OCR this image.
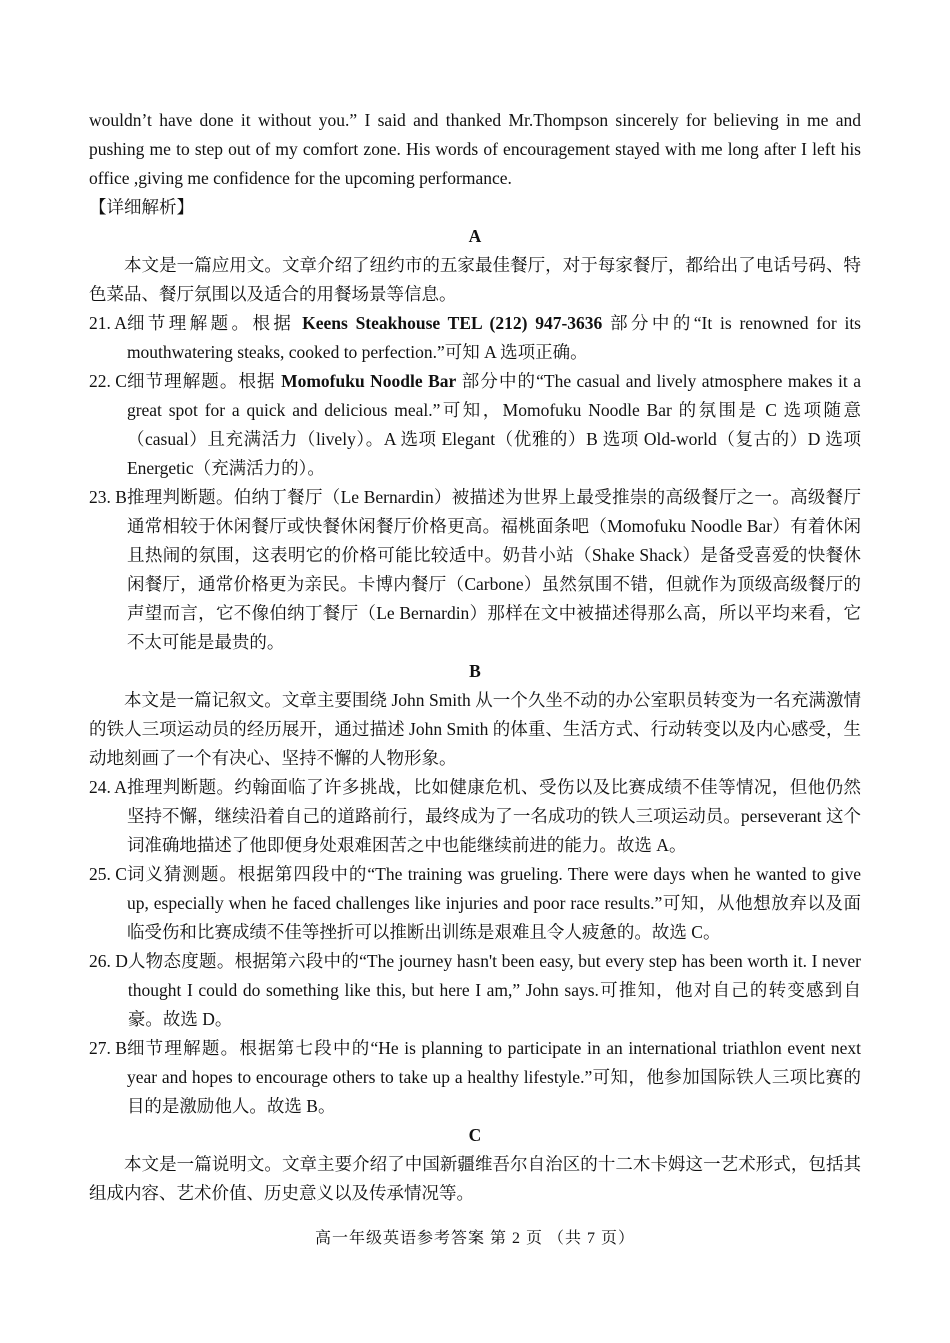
wouldn’t have done it without you.” I said and thanked Mr.Thompson sincerely for believing in me and pushing me to step out of my comfort zone. His words of encouragement stayed with me long after I left his office ,giving me confidence for the upcoming performance.

【详细解析】

A

本文是一篇应用文。文章介绍了纽约市的五家最佳餐厅，对于每家餐厅，都给出了电话号码、特色菜品、餐厅氛围以及适合的用餐场景等信息。

21. A 细节理解题。根据 Keens Steakhouse TEL (212) 947-3636 部分中的“It is renowned for its mouthwatering steaks, cooked to perfection.”可知 A 选项正确。

22. C 细节理解题。根据 Momofuku Noodle Bar 部分中的“The casual and lively atmosphere makes it a great spot for a quick and delicious meal.”可知，Momofuku Noodle Bar 的氛围是 C 选项随意（casual）且充满活力（lively）。A 选项 Elegant（优雅的）B 选项 Old-world（复古的）D 选项 Energetic（充满活力的）。

23. B 推理判断题。伯纳丁餐厅（Le Bernardin）被描述为世界上最受推崇的高级餐厅之一。高级餐厅通常相较于休闲餐厅或快餐休闲餐厅价格更高。福桃面条吧（Momofuku Noodle Bar）有着休闲且热闹的氛围，这表明它的价格可能比较适中。奶昔小站（Shake Shack）是备受喜爱的快餐休闲餐厅，通常价格更为亲民。卡博内餐厅（Carbone）虽然氛围不错，但就作为顶级高级餐厅的声望而言，它不像伯纳丁餐厅（Le Bernardin）那样在文中被描述得那么高，所以平均来看，它不太可能是最贵的。

B

本文是一篇记叙文。文章主要围绕 John Smith 从一个久坐不动的办公室职员转变为一名充满激情的铁人三项运动员的经历展开，通过描述 John Smith 的体重、生活方式、行动转变以及内心感受，生动地刻画了一个有决心、坚持不懈的人物形象。

24. A 推理判断题。约翰面临了许多挑战，比如健康危机、受伤以及比赛成绩不佳等情况，但他仍然坚持不懈，继续沿着自己的道路前行，最终成为了一名成功的铁人三项运动员。perseverant 这个词准确地描述了他即便身处艰难困苦之中也能继续前进的能力。故选 A。

25. C 词义猜测题。根据第四段中的“The training was grueling. There were days when he wanted to give up, especially when he faced challenges like injuries and poor race results.”可知，从他想放弃以及面临受伤和比赛成绩不佳等挫折可以推断出训练是艰难且令人疲惫的。故选 C。

26. D 人物态度题。根据第六段中的“The journey hasn't been easy, but every step has been worth it. I never thought I could do something like this, but here I am,” John says.可推知，他对自己的转变感到自豪。故选 D。

27. B 细节理解题。根据第七段中的“He is planning to participate in an international triathlon event next year and hopes to encourage others to take up a healthy lifestyle.”可知，他参加国际铁人三项比赛的目的是激励他人。故选 B。

C

本文是一篇说明文。文章主要介绍了中国新疆维吾尔自治区的十二木卡姆这一艺术形式，包括其组成内容、艺术价值、历史意义以及传承情况等。

高一年级英语参考答案 第 2 页 （共 7 页）
